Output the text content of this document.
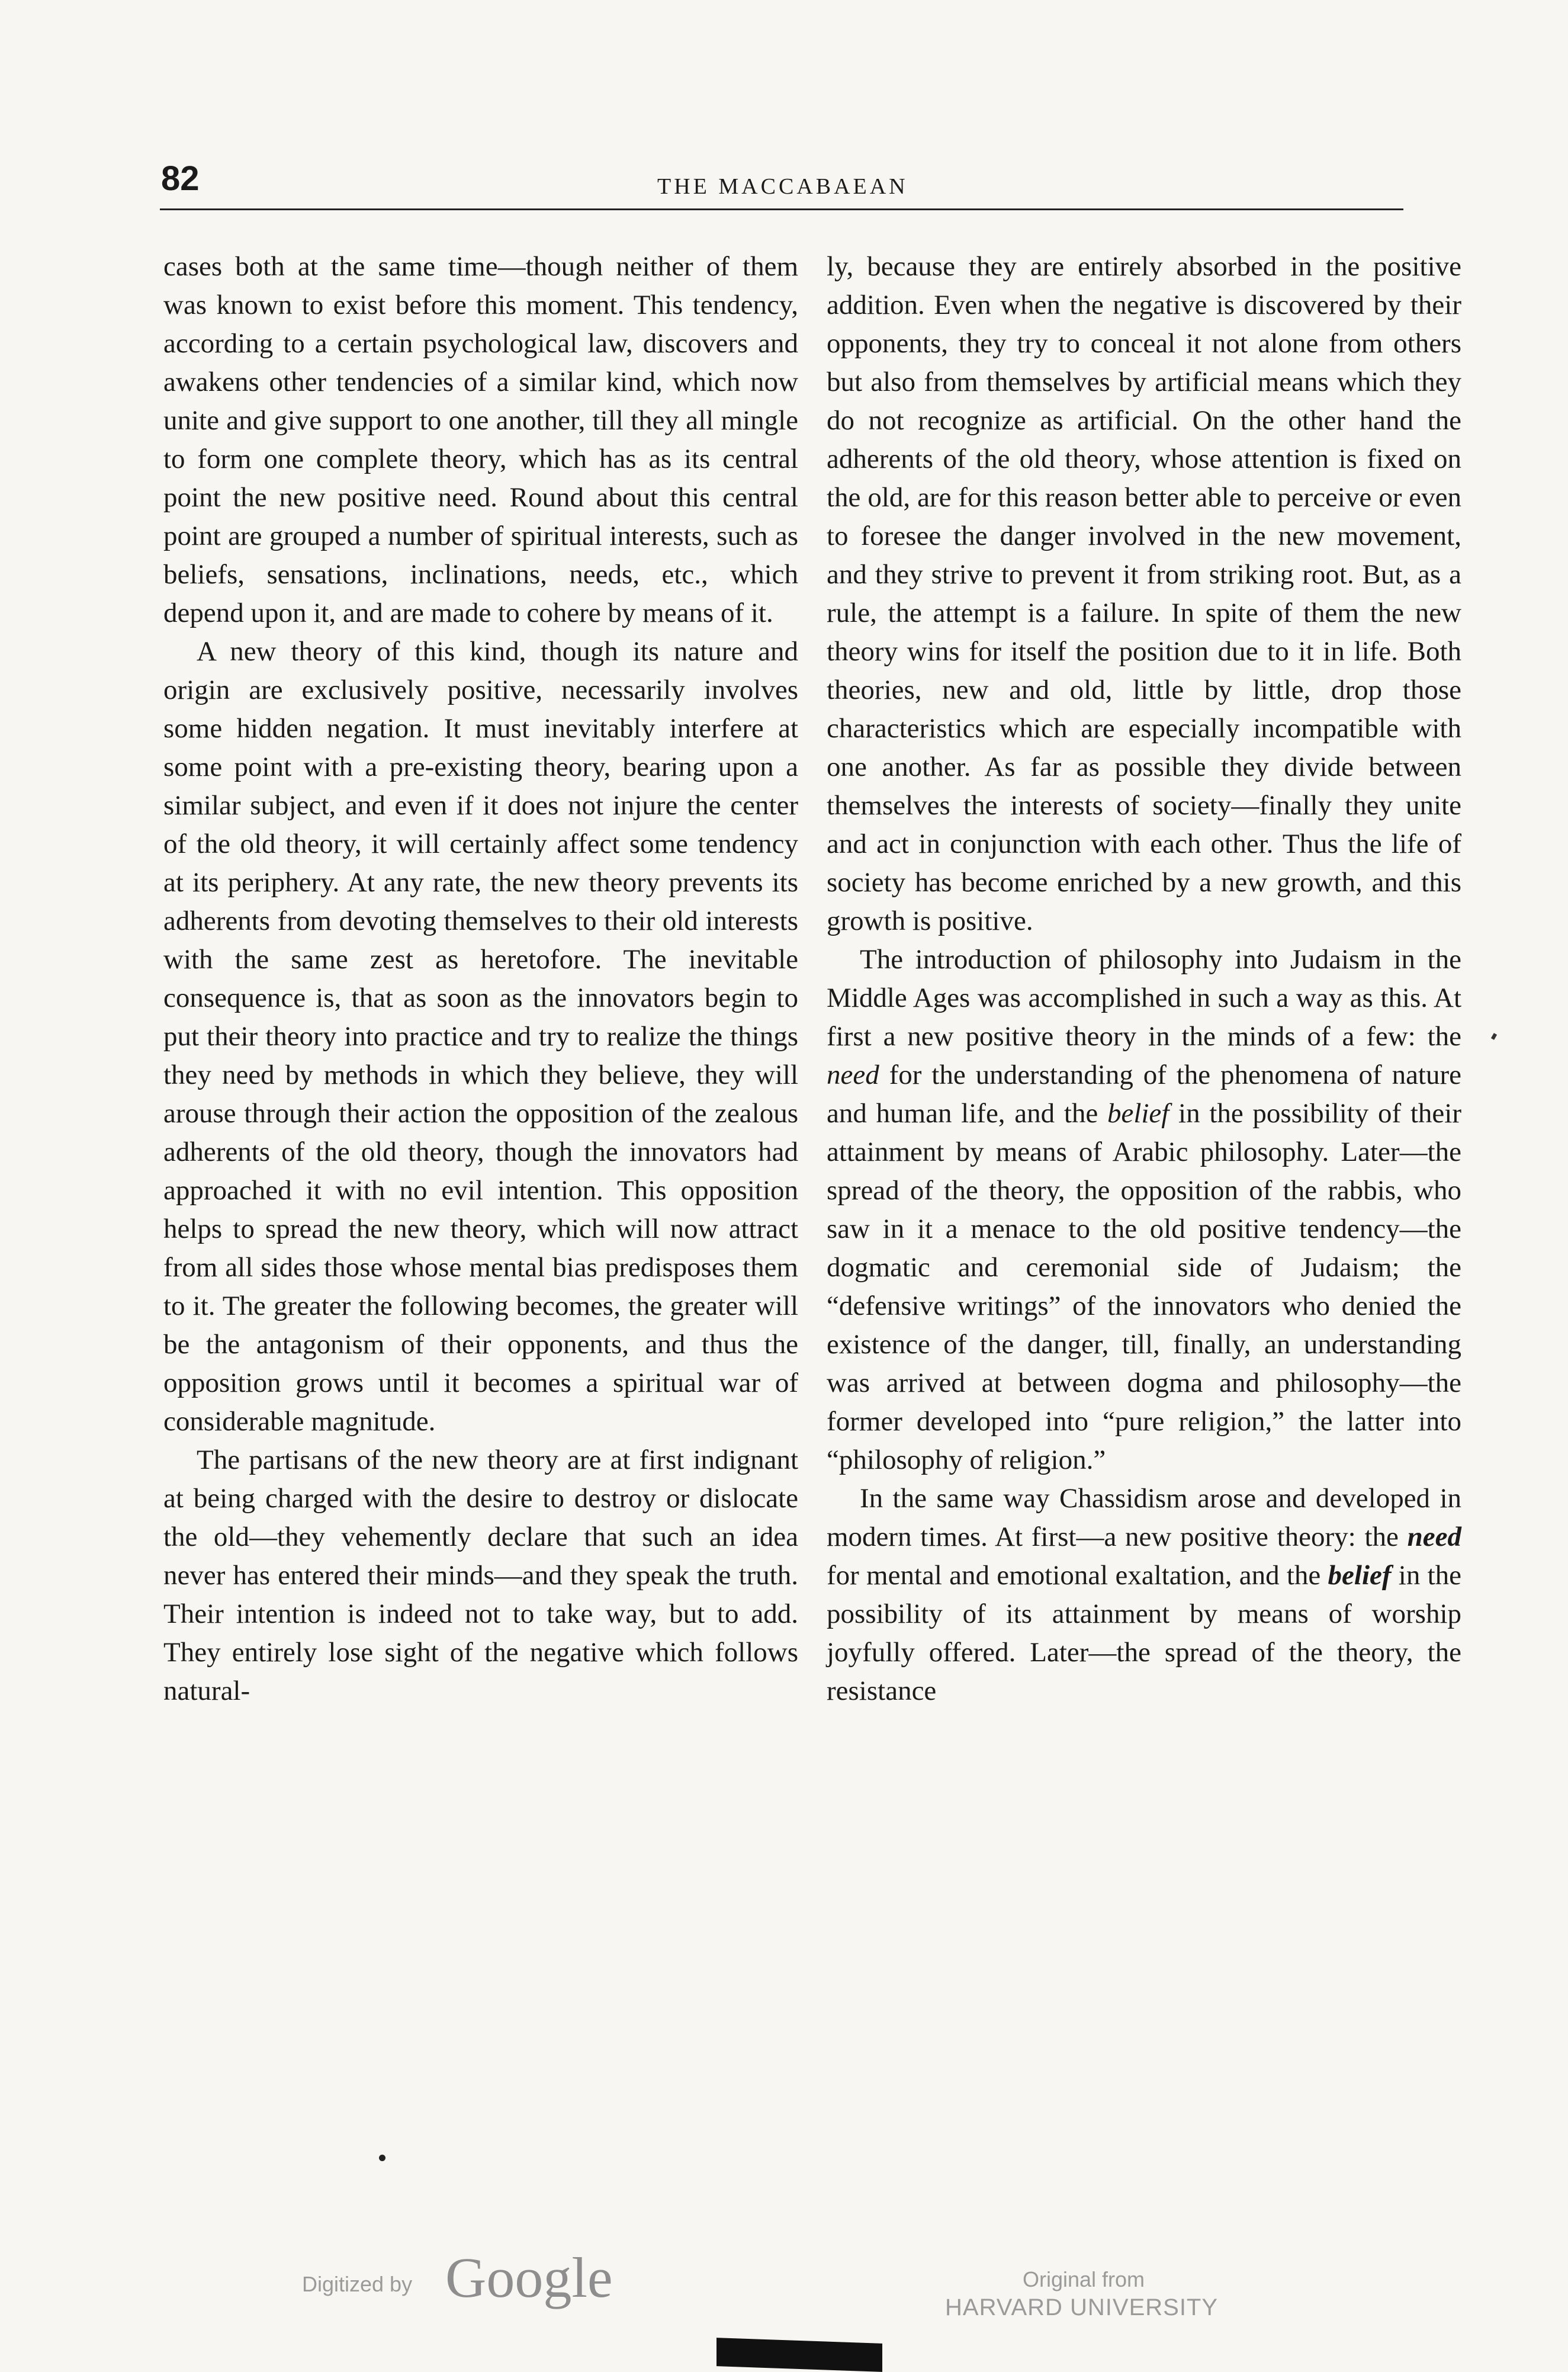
82	THE MACCABAEAN

cases both at the same time—though neither of them was known to exist before this moment. This tendency, according to a certain psychological law, discovers and awakens other tendencies of a similar kind, which now unite and give support to one another, till they all mingle to form one complete theory, which has as its central point the new positive need. Round about this central point are grouped a number of spiritual interests, such as beliefs, sensations, inclinations, needs, etc., which depend upon it, and are made to cohere by means of it.

A new theory of this kind, though its nature and origin are exclusively positive, necessarily involves some hidden negation. It must inevitably interfere at some point with a pre-existing theory, bearing upon a similar subject, and even if it does not injure the center of the old theory, it will certainly affect some tendency at its periphery. At any rate, the new theory prevents its adherents from devoting themselves to their old interests with the same zest as heretofore. The inevitable consequence is, that as soon as the innovators begin to put their theory into practice and try to realize the things they need by methods in which they believe, they will arouse through their action the opposition of the zealous adherents of the old theory, though the innovators had approached it with no evil intention. This opposition helps to spread the new theory, which will now attract from all sides those whose mental bias predisposes them to it. The greater the following becomes, the greater will be the antagonism of their opponents, and thus the opposition grows until it becomes a spiritual war of considerable magnitude.

The partisans of the new theory are at first indignant at being charged with the desire to destroy or dislocate the old—they vehemently declare that such an idea never has entered their minds—and they speak the truth. Their intention is indeed not to take way, but to add. They entirely lose sight of the negative which follows natural-

ly, because they are entirely absorbed in the positive addition. Even when the negative is discovered by their opponents, they try to conceal it not alone from others but also from themselves by artificial means which they do not recognize as artificial. On the other hand the adherents of the old theory, whose attention is fixed on the old, are for this reason better able to perceive or even to foresee the danger involved in the new movement, and they strive to prevent it from striking root. But, as a rule, the attempt is a failure. In spite of them the new theory wins for itself the position due to it in life. Both theories, new and old, little by little, drop those characteristics which are especially incompatible with one another. As far as possible they divide between themselves the interests of society—finally they unite and act in conjunction with each other. Thus the life of society has become enriched by a new growth, and this growth is positive.

The introduction of philosophy into Judaism in the Middle Ages was accomplished in such a way as this. At first a new positive theory in the minds of a few: the need for the understanding of the phenomena of nature and human life, and the belief in the possibility of their attainment by means of Arabic philosophy. Later—the spread of the theory, the opposition of the rabbis, who saw in it a menace to the old positive tendency—the dogmatic and ceremonial side of Judaism; the “defensive writings” of the innovators who denied the existence of the danger, till, finally, an understanding was arrived at between dogma and philosophy—the former developed into “pure religion,” the latter into “philosophy of religion.”

In the same way Chassidism arose and developed in modern times. At first—a new positive theory: the need for mental and emotional exaltation, and the belief in the possibility of its attainment by means of worship joyfully offered. Later—the spread of the theory, the resistance

Digitized by Google	Original from
HARVARD UNIVERSITY
